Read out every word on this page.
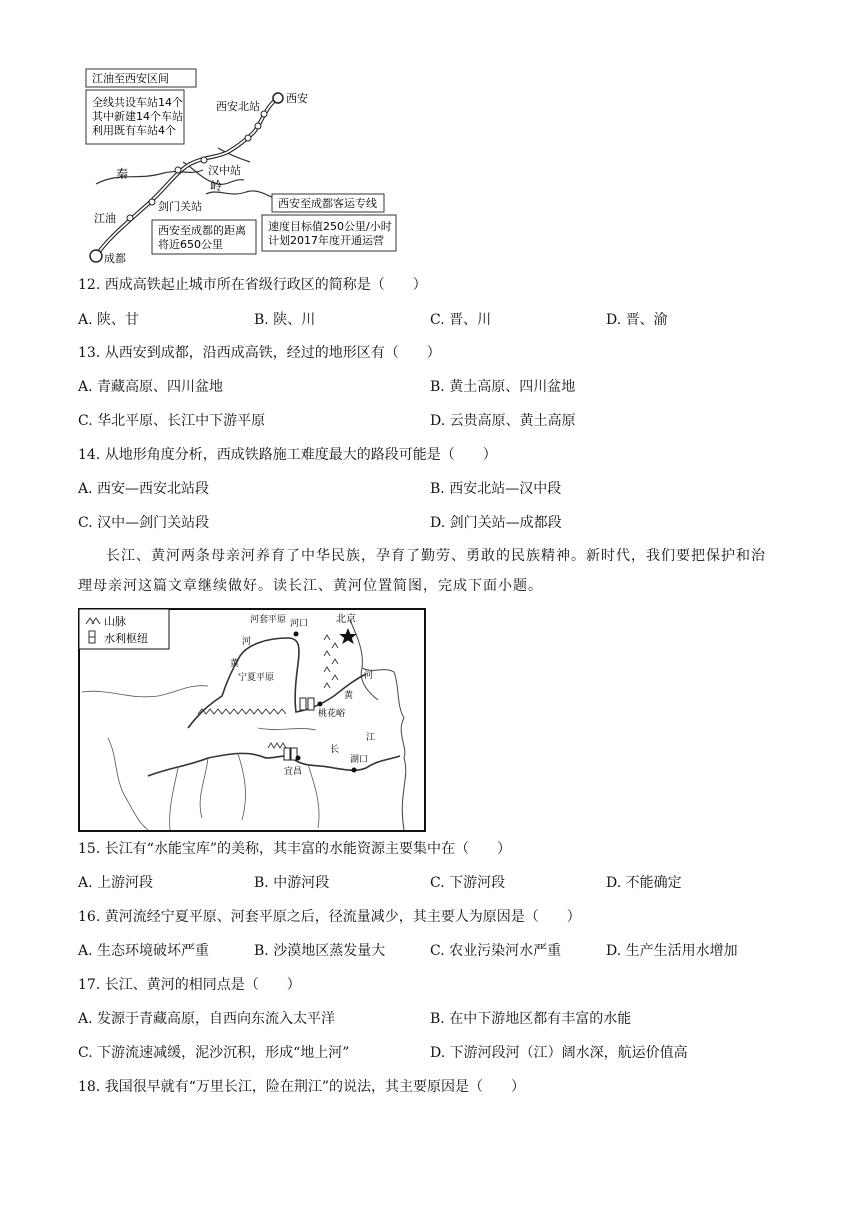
江油至西安区间
全线共设车站14个
其中新建14个车站
利用既有车站4个
秦
岭
西安
西安北站
汉中站
剑门关站
江油
成都
西安至成都的距离
将近650公里
西安至成都客运专线
速度目标值250公里/小时
计划2017年度开通运营
12. 西成高铁起止城市所在省级行政区的简称是（　　）
A. 陕、甘	B. 陕、川	C. 晋、川	D. 晋、渝
13. 从西安到成都，沿西成高铁，经过的地形区有（　　）
A. 青藏高原、四川盆地	B. 黄土高原、四川盆地
C. 华北平原、长江中下游平原	D. 云贵高原、黄土高原
14. 从地形角度分析，西成铁路施工难度最大的路段可能是（　　）
A. 西安—西安北站段	B. 西安北站—汉中段
C. 汉中—剑门关站段	D. 剑门关站—成都段
长江、黄河两条母亲河养育了中华民族，孕育了勤劳、勇敢的民族精神。新时代，我们要把保护和治理母亲河这篇文章继续做好。读长江、黄河位置简图，完成下面小题。
山脉
水利枢纽
河套平原
河
黄
宁夏平原
河口	北京
黄
河
桃花峪
江
长
宜昌
湖口
15. 长江有“水能宝库”的美称，其丰富的水能资源主要集中在（　　）
A. 上游河段	B. 中游河段	C. 下游河段	D. 不能确定
16. 黄河流经宁夏平原、河套平原之后，径流量减少，其主要人为原因是（　　）
A. 生态环境破坏严重	B. 沙漠地区蒸发量大	C. 农业污染河水严重	D. 生产生活用水增加
17. 长江、黄河的相同点是（　　）
A. 发源于青藏高原，自西向东流入太平洋	B. 在中下游地区都有丰富的水能
C. 下游流速减缓，泥沙沉积，形成“地上河”	D. 下游河段河（江）阔水深，航运价值高
18. 我国很早就有“万里长江，险在荆江”的说法，其主要原因是（　　）
